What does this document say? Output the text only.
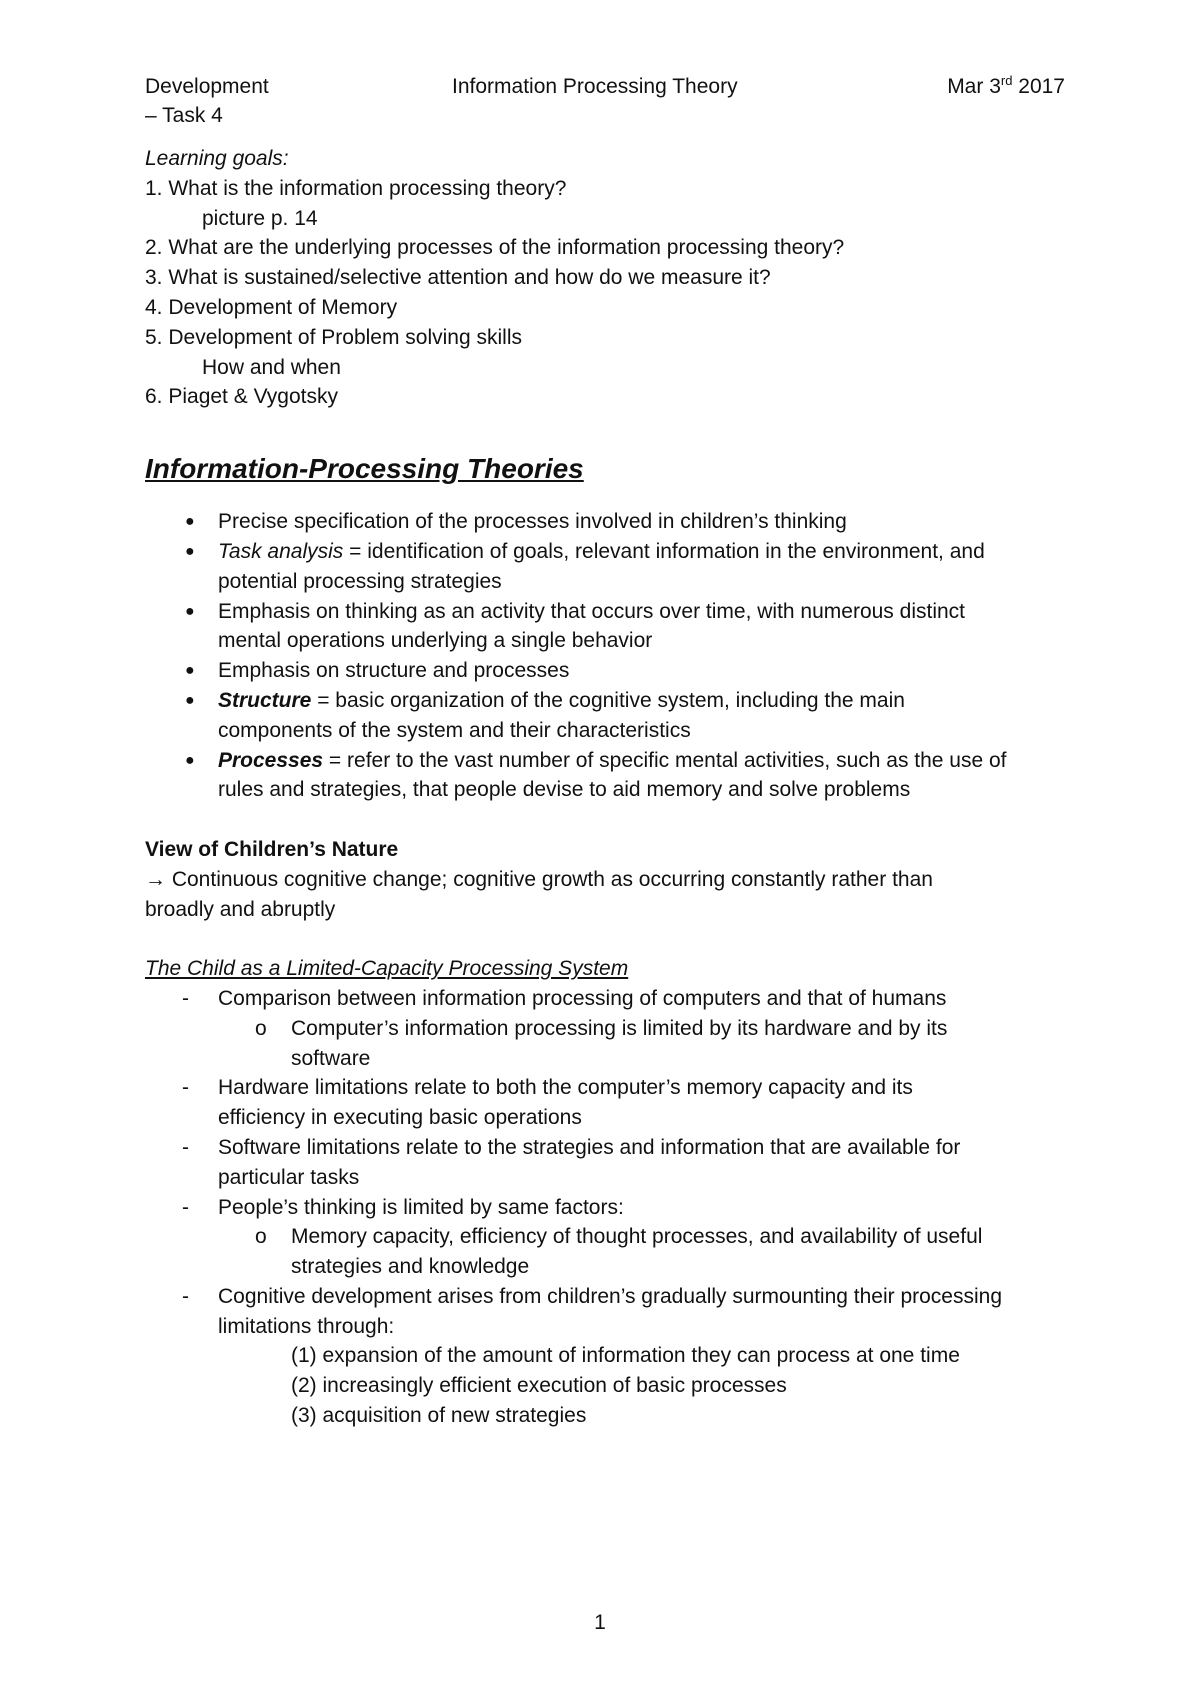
Development	Information Processing Theory	Mar 3rd 2017
– Task 4
Learning goals:
1. What is the information processing theory?
picture p. 14
2. What are the underlying processes of the information processing theory?
3. What is sustained/selective attention and how do we measure it?
4. Development of Memory
5. Development of Problem solving skills
How and when
6. Piaget & Vygotsky
Information-Processing Theories
● Precise specification of the processes involved in children’s thinking
● Task analysis = identification of goals, relevant information in the environment, and
potential processing strategies
● Emphasis on thinking as an activity that occurs over time, with numerous distinct
mental operations underlying a single behavior
● Emphasis on structure and processes
● Structure = basic organization of the cognitive system, including the main
components of the system and their characteristics
● Processes = refer to the vast number of specific mental activities, such as the use of
rules and strategies, that people devise to aid memory and solve problems
View of Children’s Nature
→ Continuous cognitive change; cognitive growth as occurring constantly rather than
broadly and abruptly
The Child as a Limited-Capacity Processing System
- Comparison between information processing of computers and that of humans
o Computer’s information processing is limited by its hardware and by its
software
- Hardware limitations relate to both the computer’s memory capacity and its
efficiency in executing basic operations
- Software limitations relate to the strategies and information that are available for
particular tasks
- People’s thinking is limited by same factors:
o Memory capacity, efficiency of thought processes, and availability of useful
strategies and knowledge
- Cognitive development arises from children’s gradually surmounting their processing
limitations through:
(1) expansion of the amount of information they can process at one time
(2) increasingly efficient execution of basic processes
(3) acquisition of new strategies
1
